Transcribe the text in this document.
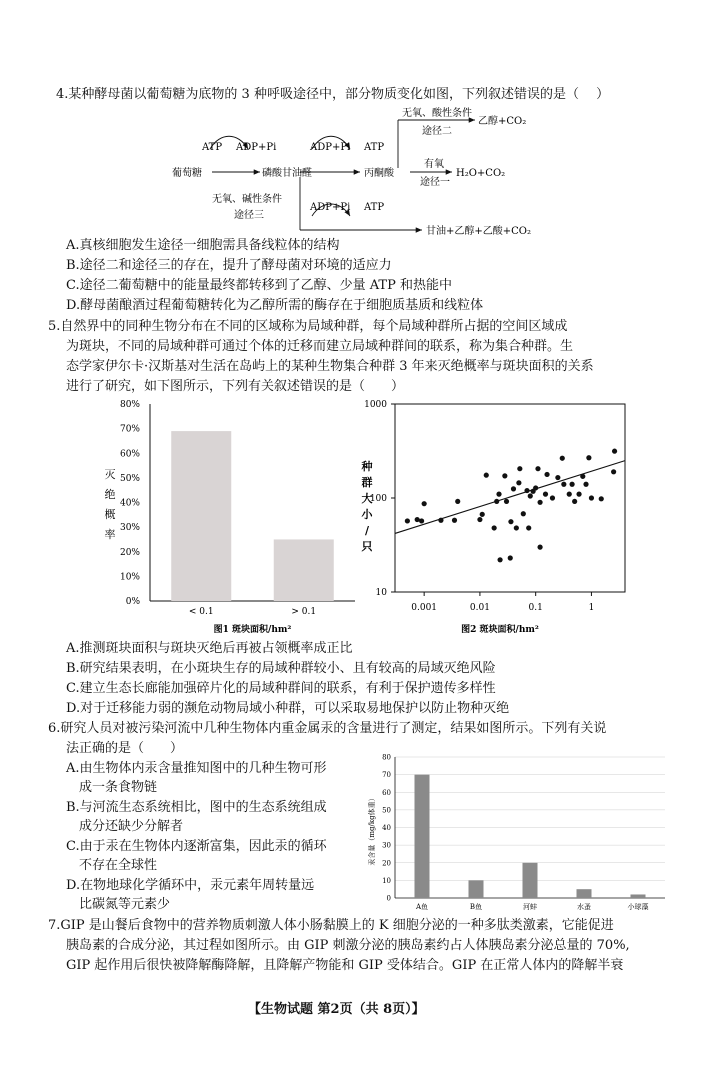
4.某种酵母菌以葡萄糖为底物的 3 种呼吸途径中，部分物质变化如图，下列叙述错误的是（　 ）
ATP ADP+Pi	ADP+Pi ATP
葡萄糖	磷酸甘油醛	丙酮酸
无氧、酸性条件
途径二
乙醇+CO₂
有氧
途径一
H₂O+CO₂
无氧、碱性条件
途径三
ADP+Pi ATP
甘油+乙醇+乙酸+CO₂
A.真核细胞发生途径一细胞需具备线粒体的结构
B.途径二和途径三的存在，提升了酵母菌对环境的适应力
C.途径二葡萄糖中的能量最终都转移到了乙醇、少量 ATP 和热能中
D.酵母菌酿酒过程葡萄糖转化为乙醇所需的酶存在于细胞质基质和线粒体
5.自然界中的同种生物分布在不同的区域称为局域种群，每个局域种群所占据的空间区域成
为斑块，不同的局域种群可通过个体的迁移而建立局域种群间的联系，称为集合种群。生
态学家伊尔卡·汉斯基对生活在岛屿上的某种生物集合种群 3 年来灭绝概率与斑块面积的关系
进行了研究，如下图所示，下列有关叙述错误的是（　　）
0%
10%
20%
30%
40%
50%
60%
70%
80%
< 0.1	> 0.1
灭绝概率
图1 斑块面积/hm²
0.001	0.01	0.1	1
10
100
1000
种群大小/只
图2 斑块面积/hm²
A.推测斑块面积与斑块灭绝后再被占领概率成正比
B.研究结果表明，在小斑块生存的局域种群较小、且有较高的局域灭绝风险
C.建立生态长廊能加强碎片化的局域种群间的联系，有利于保护遗传多样性
D.对于迁移能力弱的濒危动物局域小种群，可以采取易地保护以防止物种灭绝
6.研究人员对被污染河流中几种生物体内重金属汞的含量进行了测定，结果如图所示。下列有关说
法正确的是（　　）
A.由生物体内汞含量推知图中的几种生物可形
　成一条食物链
B.与河流生态系统相比，图中的生态系统组成
　成分还缺少分解者
C.由于汞在生物体内逐渐富集，因此汞的循环
　不存在全球性
D.在物地球化学循环中，汞元素年周转量远
　比碳氮等元素少	0
10
20
30
40
50
60
70
80
A鱼	B鱼	河蚌	水蚤	小球藻
汞含量（mg/kg体重）
7.GIP 是山餐后食物中的营养物质刺激人体小肠黏膜上的 K 细胞分泌的一种多肽类激素，它能促进
胰岛素的合成分泌，其过程如图所示。由 GIP 刺激分泌的胰岛素约占人体胰岛素分泌总量的 70%,
GIP 起作用后很快被降解酶降解，且降解产物能和 GIP 受体结合。GIP 在正常人体内的降解半衰
【生物试题 第2页（共 8页）】
